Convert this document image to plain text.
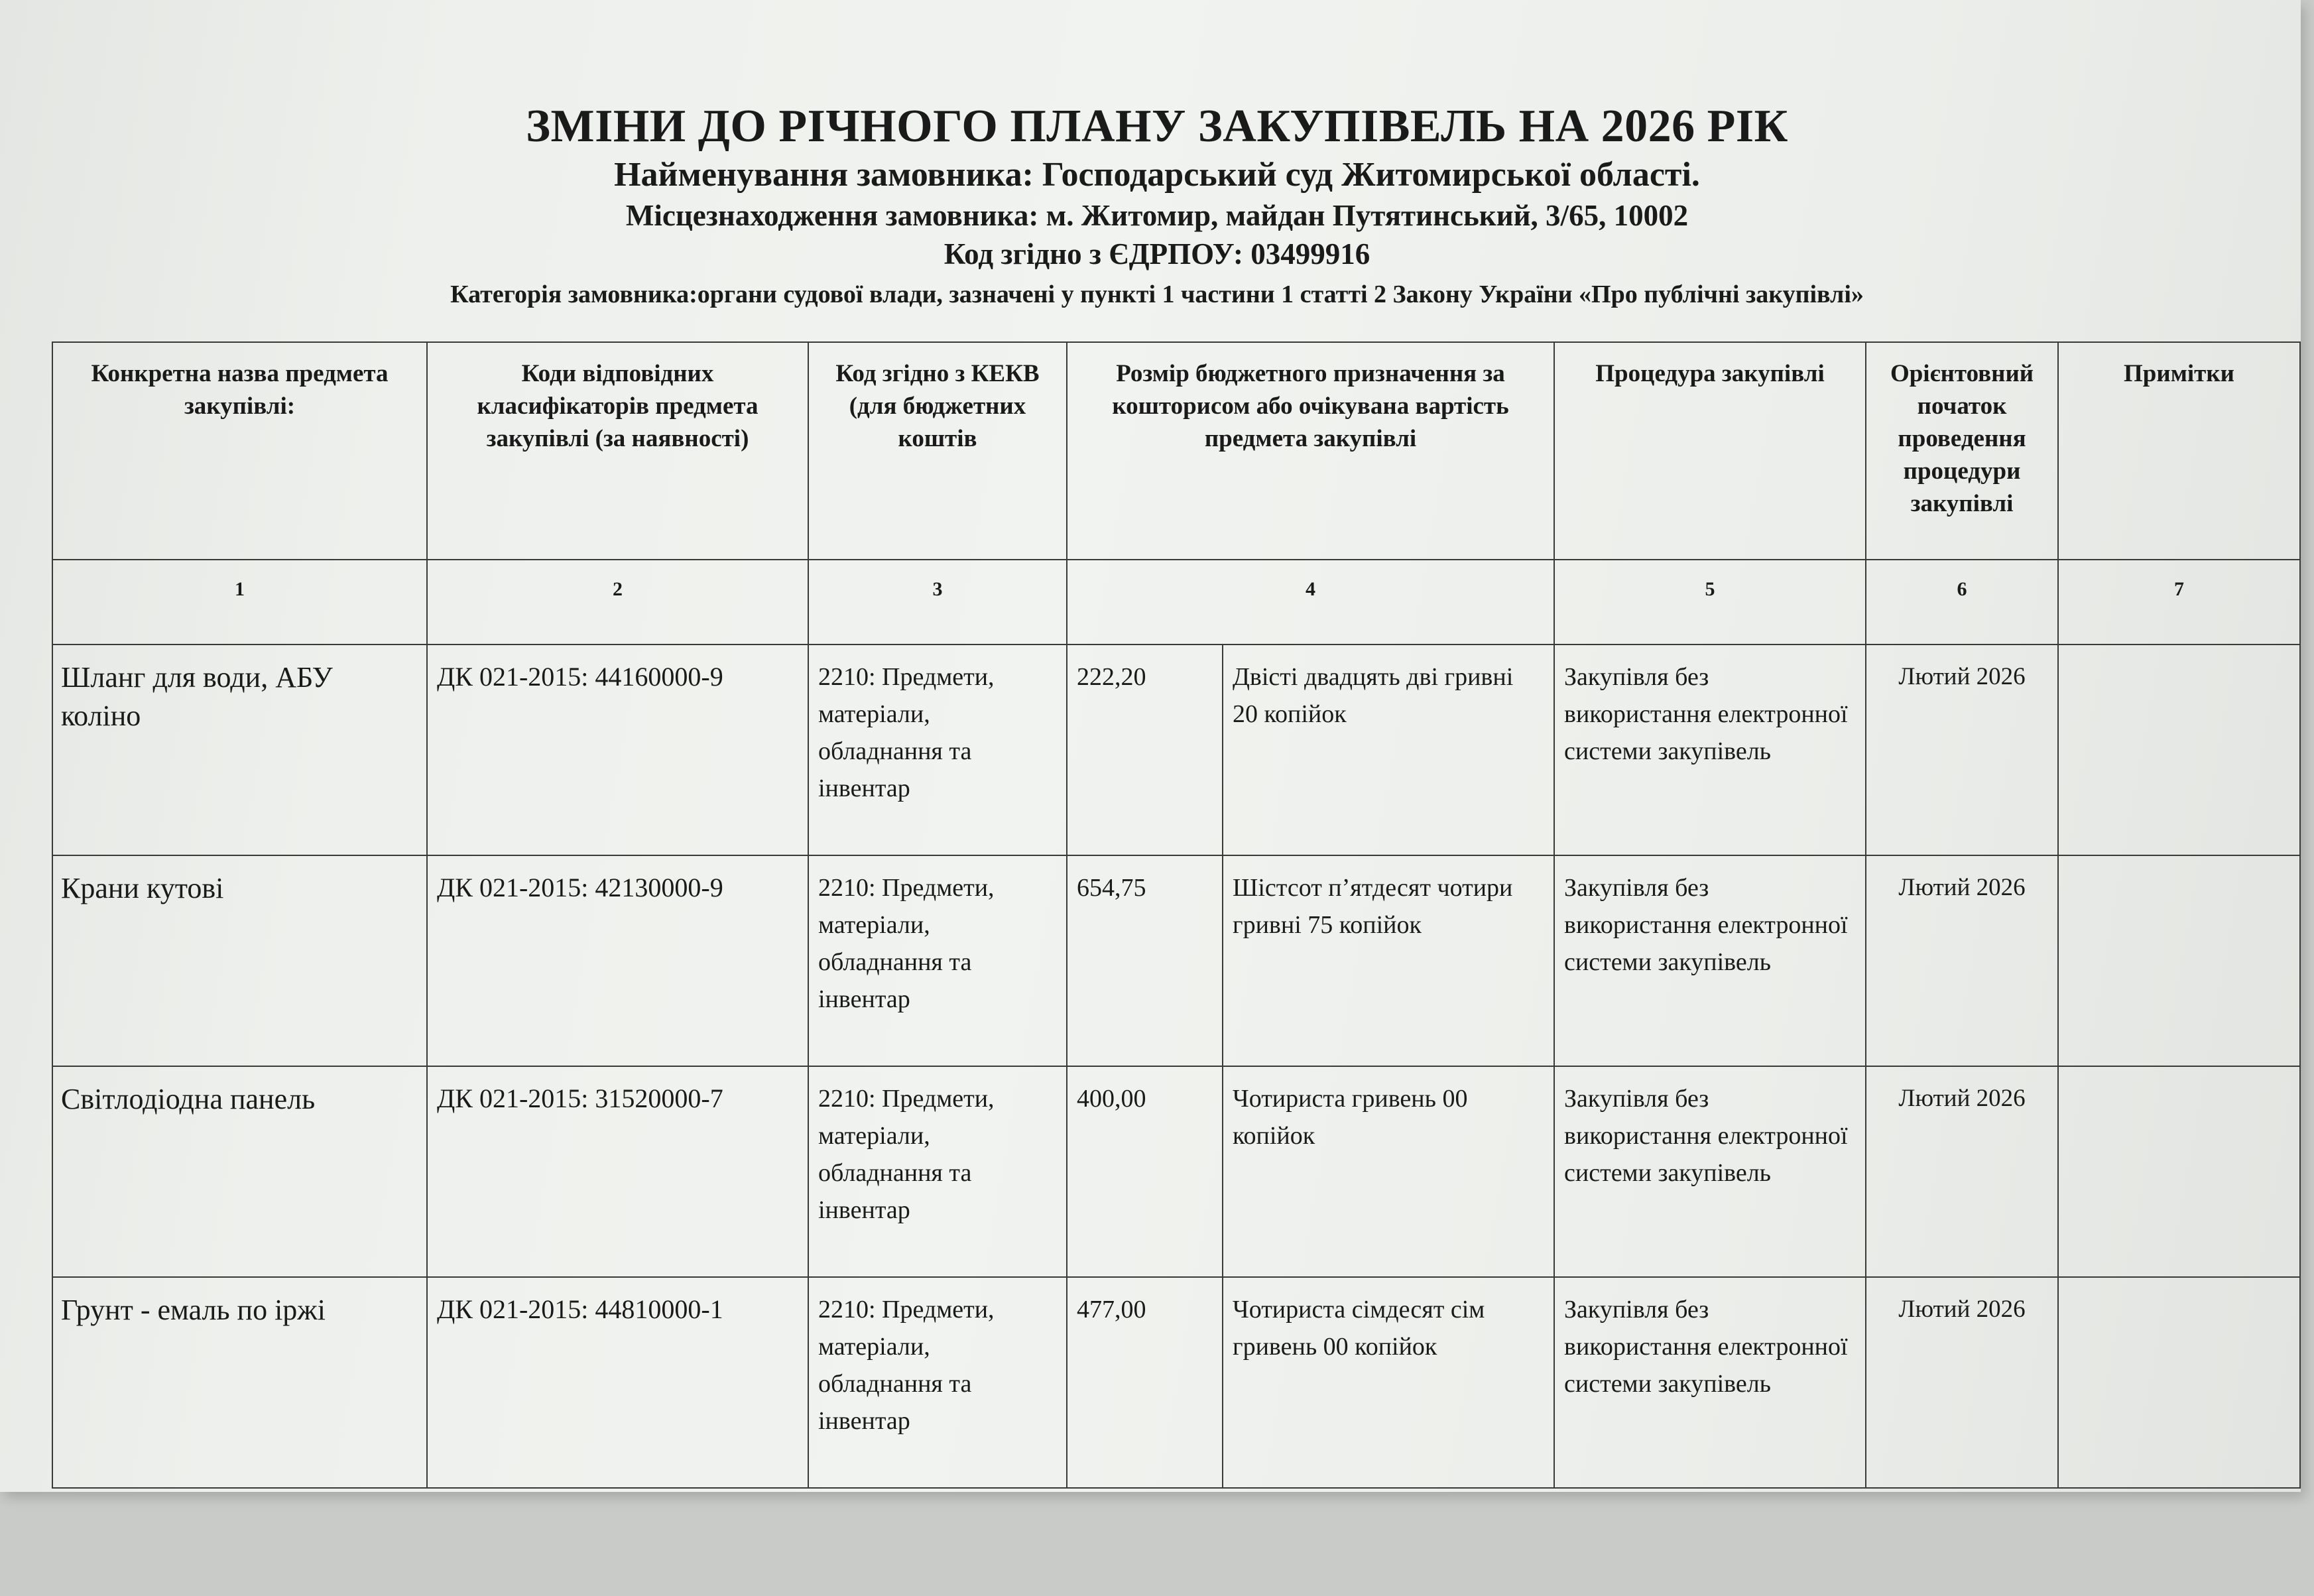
ЗМІНИ ДО РІЧНОГО ПЛАНУ ЗАКУПІВЕЛЬ НА 2026 РІК
Найменування замовника: Господарський суд Житомирської області.
Місцезнаходження замовника: м. Житомир, майдан Путятинський, 3/65, 10002
Код згідно з ЄДРПОУ: 03499916
Категорія замовника:органи судової влади, зазначені у пункті 1 частини 1 статті 2 Закону України «Про публічні закупівлі»
Конкретна назва предмета закупівлі:	Коди відповідних класифікаторів предмета закупівлі (за наявності)	Код згідно з КЕКВ (для бюджетних коштів	Розмір бюджетного призначення за кошторисом або очікувана вартість предмета закупівлі		Процедура закупівлі	Орієнтовний початок проведення процедури закупівлі	Примітки
1	2	3	4		5	6	7
Шланг для води, АБУ коліно	ДК 021-2015: 44160000-9	2210: Предмети, матеріали, обладнання та інвентар	222,20	Двісті двадцять дві гривні 20 копійок	Закупівля без використання електронної системи закупівель	Лютий 2026	
Крани кутові	ДК 021-2015: 42130000-9	2210: Предмети, матеріали, обладнання та інвентар	654,75	Шістсот п’ятдесят чотири гривні 75 копійок	Закупівля без використання електронної системи закупівель	Лютий 2026	
Світлодіодна панель	ДК 021-2015: 31520000-7	2210: Предмети, матеріали, обладнання та інвентар	400,00	Чотириста гривень 00 копійок	Закупівля без використання електронної системи закупівель	Лютий 2026	
Грунт - емаль по іржі	ДК 021-2015: 44810000-1	2210: Предмети, матеріали, обладнання та інвентар	477,00	Чотириста сімдесят сім гривень 00 копійок	Закупівля без використання електронної системи закупівель	Лютий 2026	
